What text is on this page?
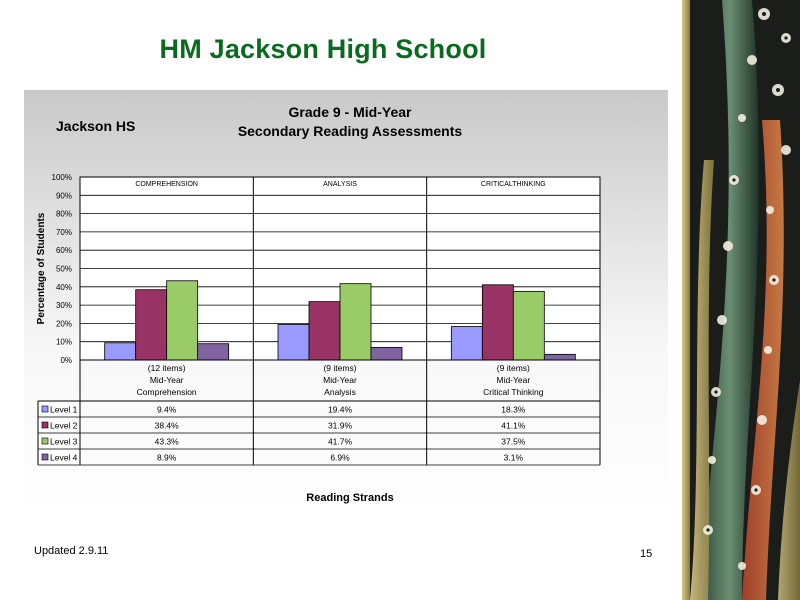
HM Jackson High School
Jackson HS
Grade 9 - Mid-Year
Secondary Reading Assessments
0%
10%
20%
30%
40%
50%
60%
70%
80%
90%
100%
Percentage of Students
COMPREHENSION	ANALYSIS	CRITICALTHINKING
(12 items)
Mid-Year
Comprehension
(9 items)
Mid-Year
Analysis
(9 items)
Mid-Year
Critical Thinking
Level 1	9.4%	19.4%	18.3%
Level 2	38.4%	31.9%	41.1%
Level 3	43.3%	41.7%	37.5%
Level 4	8.9%	6.9%	3.1%
Reading Strands
Updated 2.9.11	15
